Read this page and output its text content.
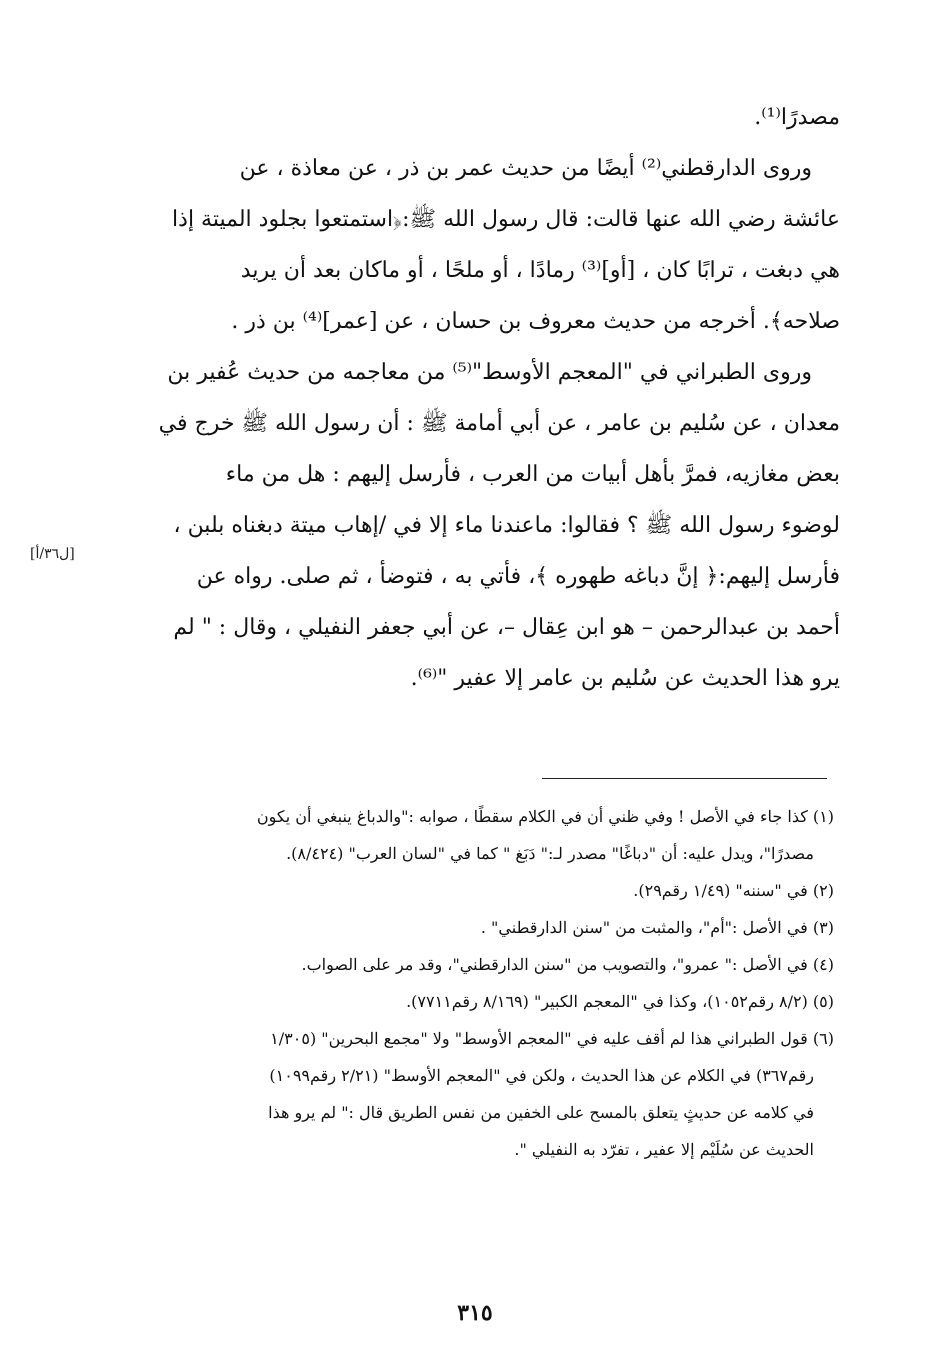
مصدرًا⁽¹⁾.
وروى الدارقطني⁽²⁾ أيضًا من حديث عمر بن ذر ، عن معاذة ، عن
عائشة رضي الله عنها قالت: قال رسول الله ﷺ:﴿استمتعوا بجلود الميتة إذا
هي دبغت ، ترابًا كان ، [أو]⁽³⁾ رمادًا ، أو ملحًا ، أو ماكان بعد أن يريد
صلاحه﴾. أخرجه من حديث معروف بن حسان ، عن [عمر]⁽⁴⁾ بن ذر .
وروى الطبراني في "المعجم الأوسط"⁽⁵⁾ من معاجمه من حديث عُفير بن
معدان ، عن سُليم بن عامر ، عن أبي أمامة ﷺ : أن رسول الله ﷺ خرج في
بعض مغازيه، فمرَّ بأهل أبيات من العرب ، فأرسل إليهم : هل من ماء
لوضوء رسول الله ﷺ ؟ فقالوا: ماعندنا ماء إلا في /إهاب ميتة دبغناه بلبن ،
فأرسل إليهم:﴿ إنَّ دباغه طهوره ﴾، فأتي به ، فتوضأ ، ثم صلى. رواه عن
أحمد بن عبدالرحمن – هو ابن عِقال –، عن أبي جعفر النفيلي ، وقال : " لم
يرو هذا الحديث عن سُليم بن عامر إلا عفير "⁽⁶⁾.
[ل٣٦/أ]
(١) كذا جاء في الأصل ! وفي ظني أن في الكلام سقطًا ، صوابه :"والدباغ ينبغي أن يكون
مصدرًا"، ويدل عليه: أن "دباغًا" مصدر لـ:" دَبَغ " كما في "لسان العرب" (٨/٤٢٤).
(٢) في "سننه" (١/٤٩ رقم٢٩).
(٣) في الأصل :"أم"، والمثبت من "سنن الدارقطني" .
(٤) في الأصل :" عمرو"، والتصويب من "سنن الدارقطني"، وقد مر على الصواب.
(٥) (٨/٢ رقم١٠٥٢)، وكذا في "المعجم الكبير" (٨/١٦٩ رقم٧٧١١).
(٦) قول الطبراني هذا لم أقف عليه في "المعجم الأوسط" ولا "مجمع البحرين" (١/٣٠٥
رقم٣٦٧) في الكلام عن هذا الحديث ، ولكن في "المعجم الأوسط" (٢/٢١ رقم١٠٩٩)
في كلامه عن حديثٍ يتعلق بالمسح على الخفين من نفس الطريق قال :" لم يرو هذا
الحديث عن سُلَيْم إلا عفير ، تفرّد به النفيلي ".
٣١٥
